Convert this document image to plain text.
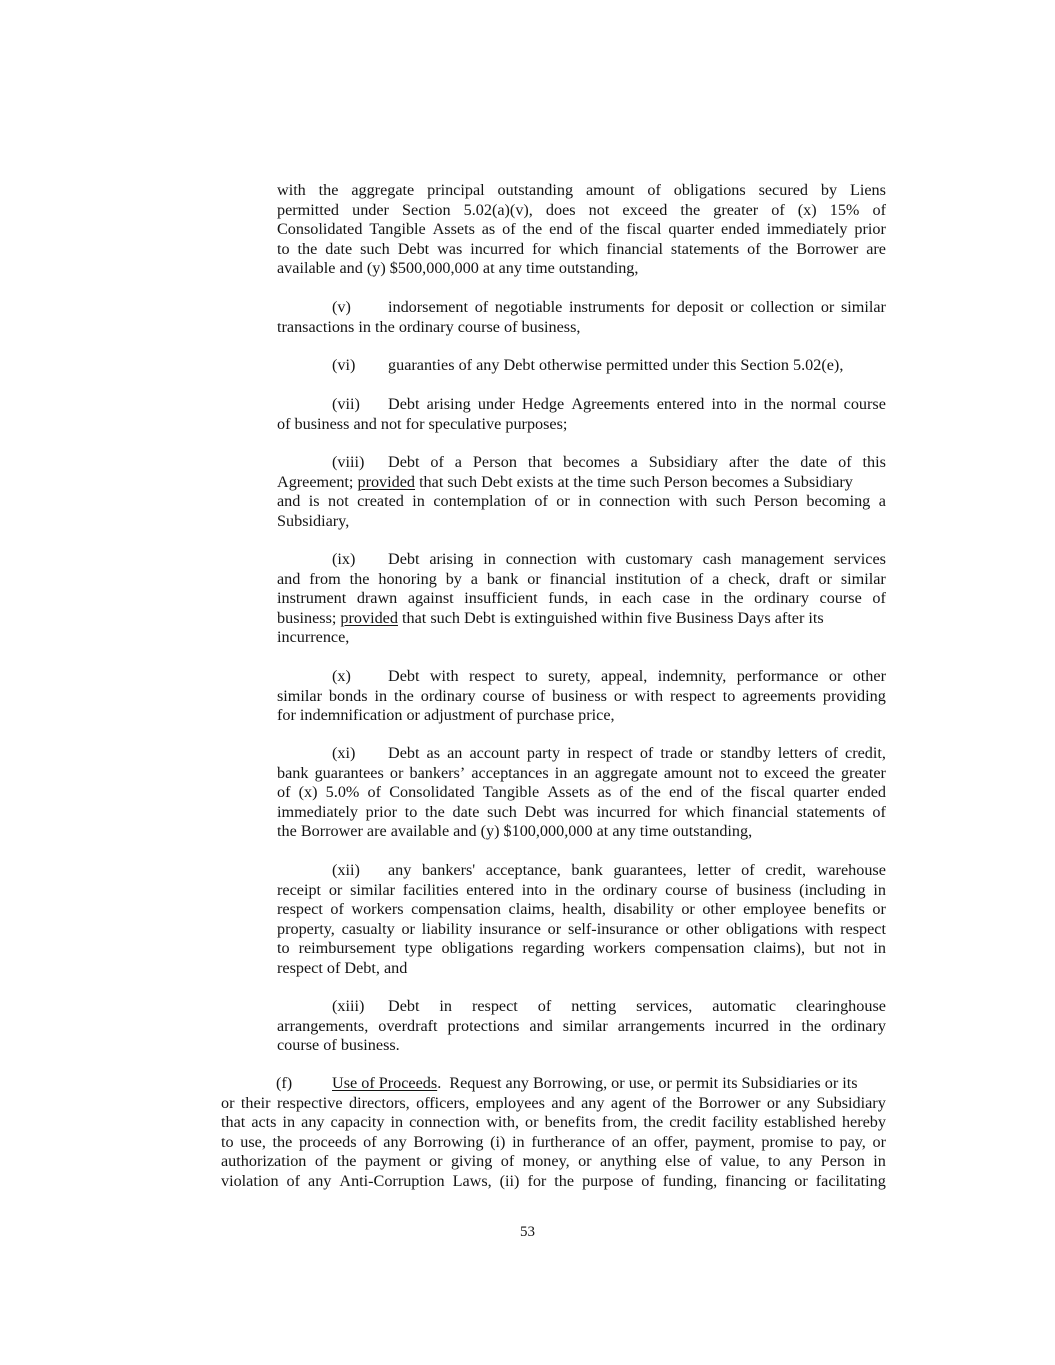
with the aggregate principal outstanding amount of obligations secured by Liens
permitted under Section 5.02(a)(v), does not exceed the greater of (x) 15% of
Consolidated Tangible Assets as of the end of the fiscal quarter ended immediately prior
to the date such Debt was incurred for which financial statements of the Borrower are
available and (y) $500,000,000 at any time outstanding,
(v)	indorsement of negotiable instruments for deposit or collection or similar
transactions in the ordinary course of business,
(vi)	guaranties of any Debt otherwise permitted under this Section 5.02(e),
(vii)	Debt arising under Hedge Agreements entered into in the normal course
of business and not for speculative purposes;
(viii)	Debt of a Person that becomes a Subsidiary after the date of this
Agreement; provided that such Debt exists at the time such Person becomes a Subsidiary
and is not created in contemplation of or in connection with such Person becoming a
Subsidiary,
(ix)	Debt arising in connection with customary cash management services
and from the honoring by a bank or financial institution of a check, draft or similar
instrument drawn against insufficient funds, in each case in the ordinary course of
business; provided that such Debt is extinguished within five Business Days after its
incurrence,
(x)	Debt with respect to surety, appeal, indemnity, performance or other
similar bonds in the ordinary course of business or with respect to agreements providing
for indemnification or adjustment of purchase price,
(xi)	Debt as an account party in respect of trade or standby letters of credit,
bank guarantees or bankers’ acceptances in an aggregate amount not to exceed the greater
of (x) 5.0% of Consolidated Tangible Assets as of the end of the fiscal quarter ended
immediately prior to the date such Debt was incurred for which financial statements of
the Borrower are available and (y) $100,000,000 at any time outstanding,
(xii)	any bankers' acceptance, bank guarantees, letter of credit, warehouse
receipt or similar facilities entered into in the ordinary course of business (including in
respect of workers compensation claims, health, disability or other employee benefits or
property, casualty or liability insurance or self-insurance or other obligations with respect
to reimbursement type obligations regarding workers compensation claims), but not in
respect of Debt, and
(xiii)	Debt in respect of netting services, automatic clearinghouse
arrangements, overdraft protections and similar arrangements incurred in the ordinary
course of business.
(f)	Use of Proceeds .  Request any Borrowing, or use, or permit its Subsidiaries or its
or their respective directors, officers, employees and any agent of the Borrower or any Subsidiary
that acts in any capacity in connection with, or benefits from, the credit facility established hereby
to use, the proceeds of any Borrowing (i) in furtherance of an offer, payment, promise to pay, or
authorization of the payment or giving of money, or anything else of value, to any Person in
violation of any Anti-Corruption Laws, (ii) for the purpose of funding, financing or facilitating
53
